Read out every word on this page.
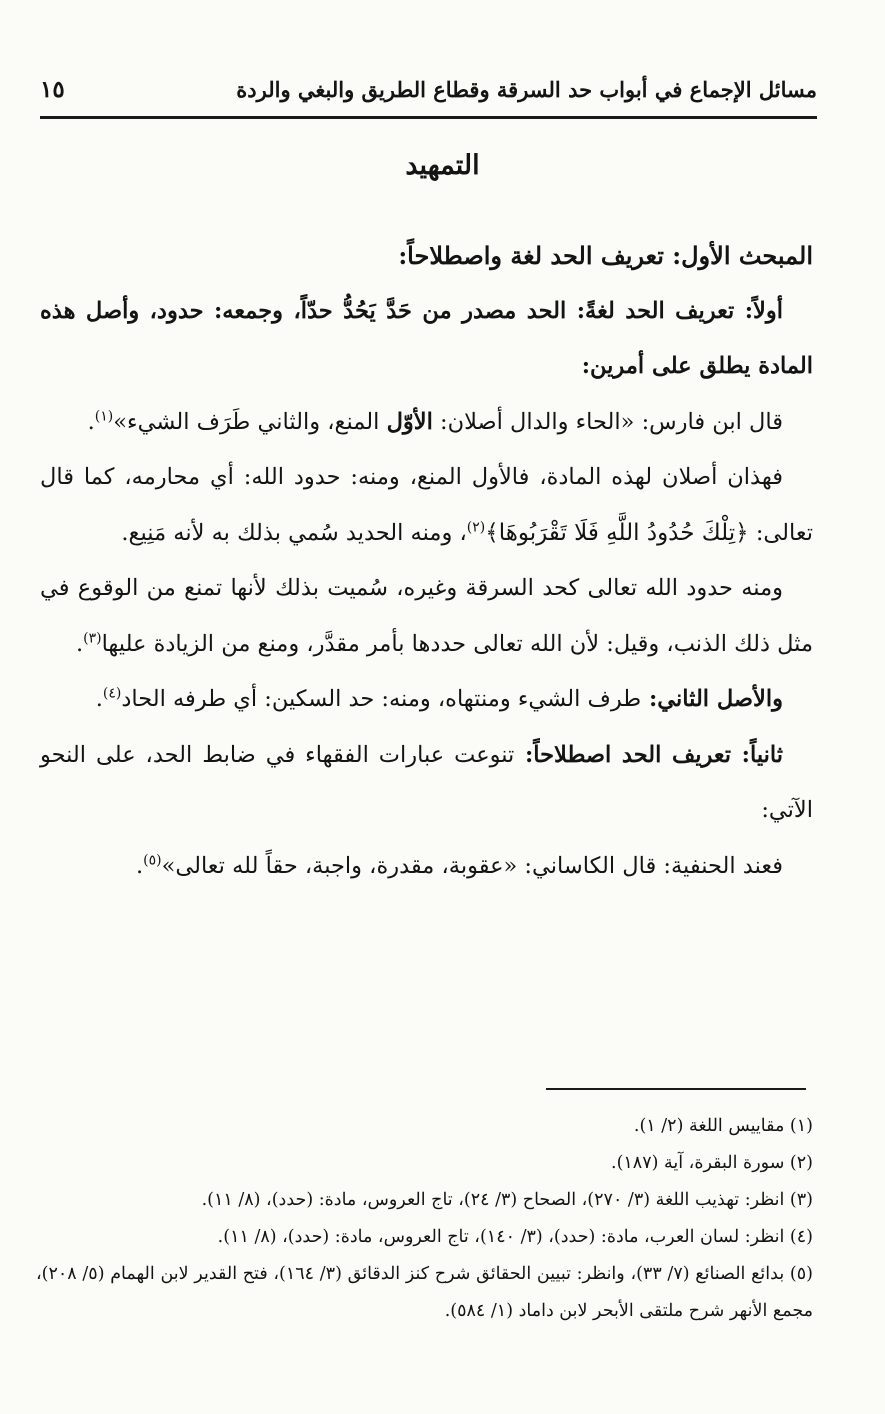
مسائل الإجماع في أبواب حد السرقة وقطاع الطريق والبغي والردة
١٥
التمهيد

المبحث الأول: تعريف الحد لغة واصطلاحاً:

أولاً: تعريف الحد لغةً: الحد مصدر من حَدَّ يَحُدُّ حدّاً، وجمعه: حدود، وأصل هذه المادة يطلق على أمرين:

قال ابن فارس: «الحاء والدال أصلان: الأوّل المنع، والثاني طَرَف الشيء»$^{(١)}$.

فهذان أصلان لهذه المادة، فالأول المنع، ومنه: حدود الله: أي محارمه، كما قال تعالى: ﴿تِلْكَ حُدُودُ اللَّهِ فَلَا تَقْرَبُوهَا﴾$^{(٢)}$، ومنه الحديد سُمي بذلك به لأنه مَنِيع.

ومنه حدود الله تعالى كحد السرقة وغيره، سُميت بذلك لأنها تمنع من الوقوع في مثل ذلك الذنب، وقيل: لأن الله تعالى حددها بأمر مقدَّر، ومنع من الزيادة عليها$^{(٣)}$.

والأصل الثاني: طرف الشيء ومنتهاه، ومنه: حد السكين: أي طرفه الحاد$^{(٤)}$.

ثانياً: تعريف الحد اصطلاحاً: تنوعت عبارات الفقهاء في ضابط الحد، على النحو الآتي:

فعند الحنفية: قال الكاساني: «عقوبة، مقدرة، واجبة، حقاً لله تعالى»$^{(٥)}$.

(١) مقاييس اللغة (٢/ ١).

(٢) سورة البقرة، آية (١٨٧).

(٣) انظر: تهذيب اللغة (٣/ ٢٧٠)، الصحاح (٣/ ٢٤)، تاج العروس، مادة: (حدد)، (٨/ ١١).

(٤) انظر: لسان العرب، مادة: (حدد)، (٣/ ١٤٠)، تاج العروس، مادة: (حدد)، (٨/ ١١).

(٥) بدائع الصنائع (٧/ ٣٣)، وانظر: تبيين الحقائق شرح كنز الدقائق (٣/ ١٦٤)، فتح القدير لابن الهمام (٥/ ٢٠٨)، مجمع الأنهر شرح ملتقى الأبحر لابن داماد (١/ ٥٨٤).
